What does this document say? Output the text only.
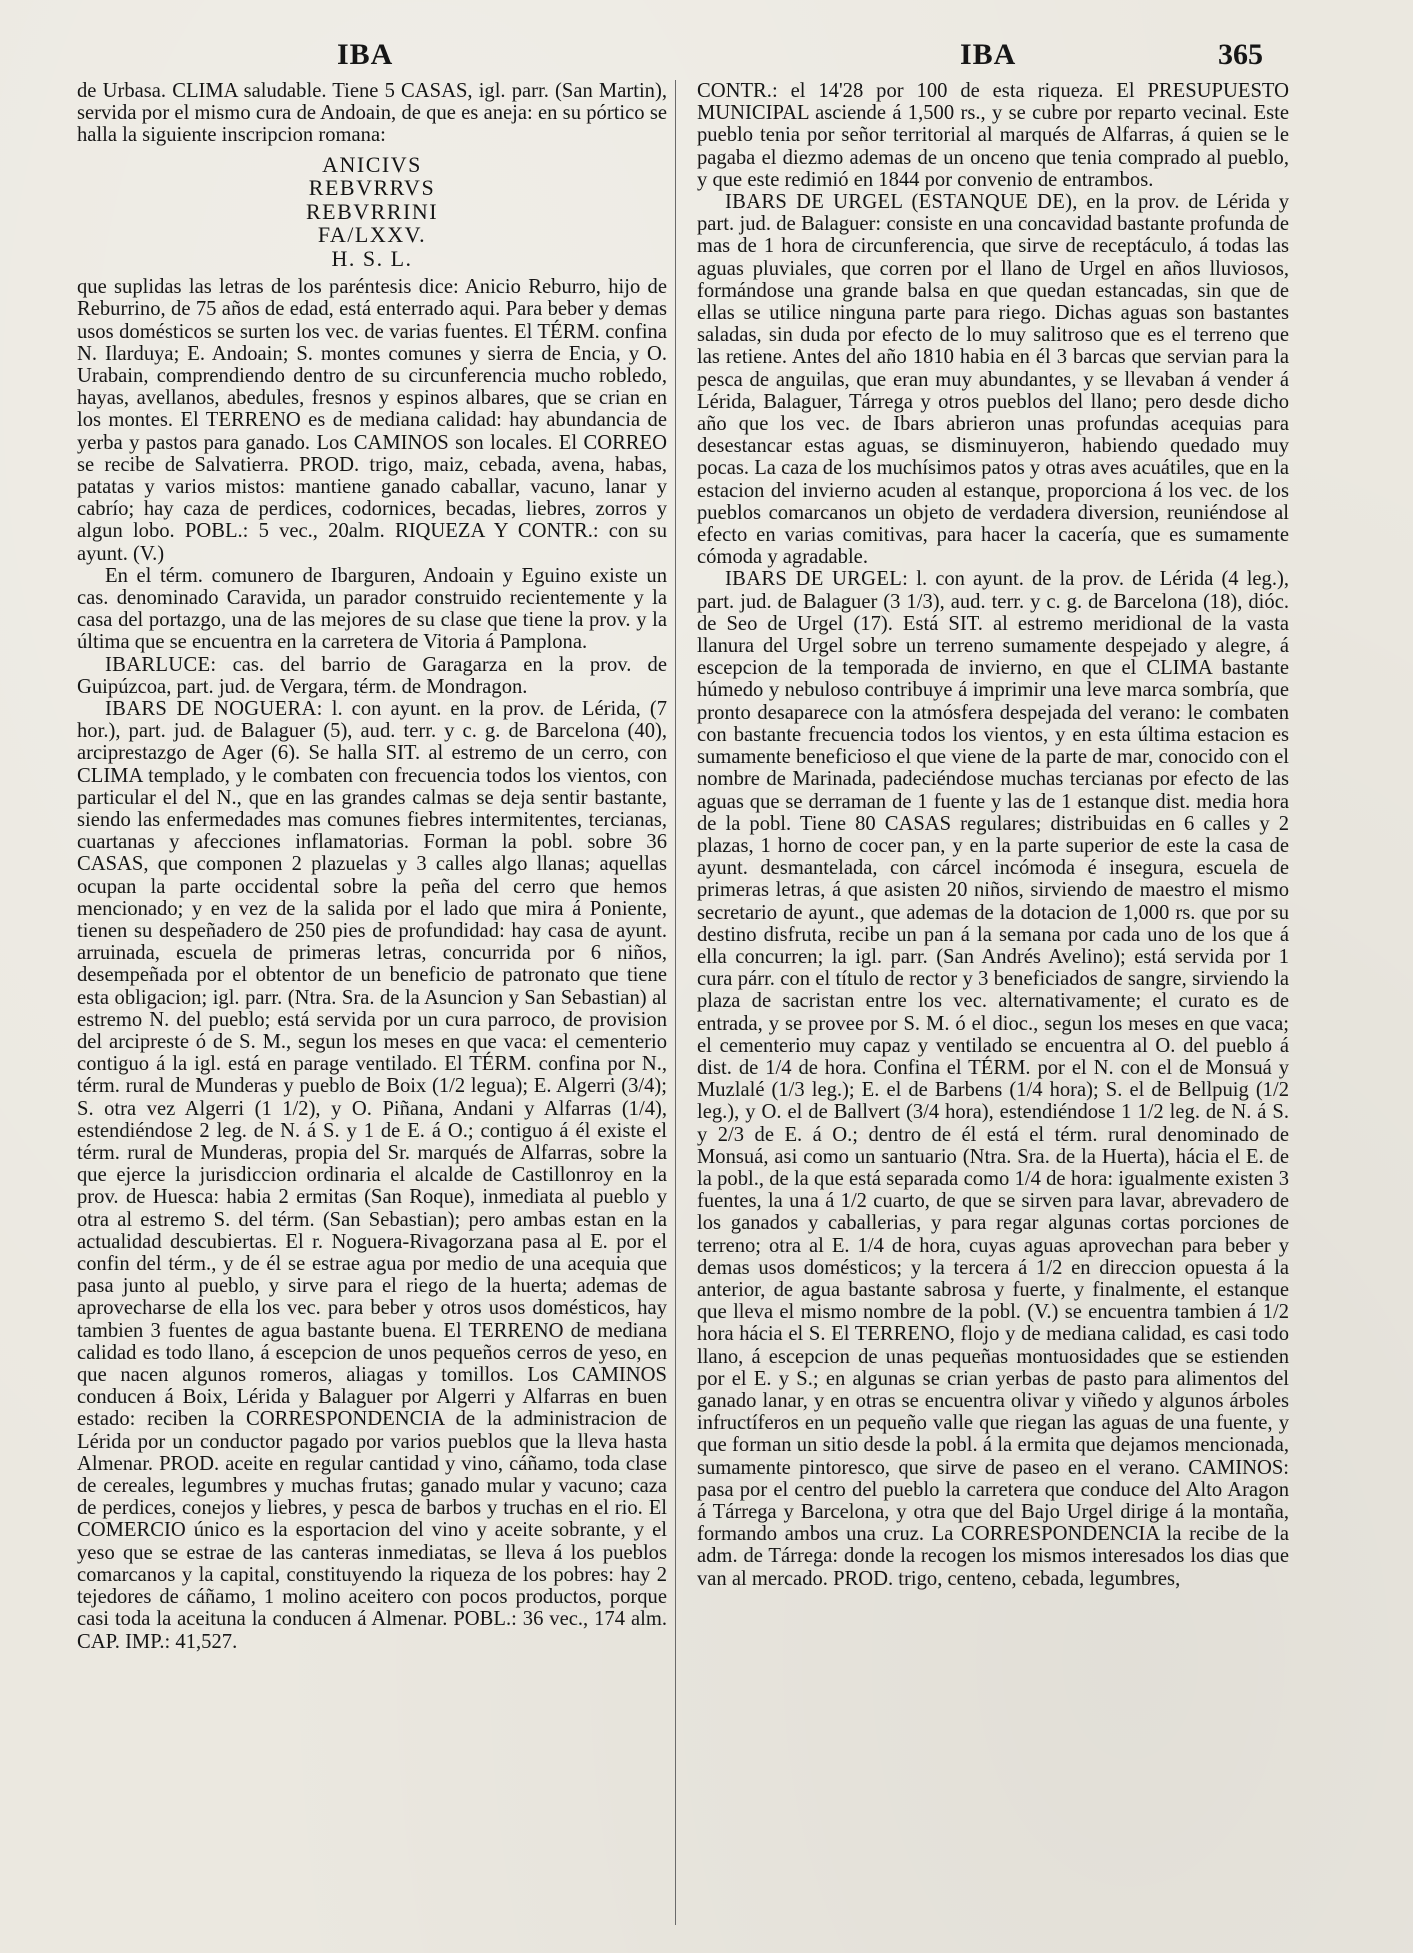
IBA	IBA	365

de Urbasa. CLIMA saludable. Tiene 5 CASAS, igl. parr. (San Martin), servida por el mismo cura de Andoain, de que es aneja: en su pórtico se halla la siguiente inscripcion romana:

ANICIVS
REBVRRVS
REBVRRINI
FA/LXXV.
H. S. L.

que suplidas las letras de los paréntesis dice: Anicio Reburro, hijo de Reburrino, de 75 años de edad, está enterrado aqui. Para beber y demas usos domésticos se surten los vec. de varias fuentes. El TÉRM. confina N. Ilarduya; E. Andoain; S. montes comunes y sierra de Encia, y O. Urabain, comprendiendo dentro de su circunferencia mucho robledo, hayas, avellanos, abedules, fresnos y espinos albares, que se crian en los montes. El TERRENO es de mediana calidad: hay abundancia de yerba y pastos para ganado. Los CAMINOS son locales. El CORREO se recibe de Salvatierra. PROD. trigo, maiz, cebada, avena, habas, patatas y varios mistos: mantiene ganado caballar, vacuno, lanar y cabrío; hay caza de perdices, codornices, becadas, liebres, zorros y algun lobo. POBL.: 5 vec., 20alm. RIQUEZA Y CONTR.: con su ayunt. (V.)

En el térm. comunero de Ibarguren, Andoain y Eguino existe un cas. denominado Caravida, un parador construido recientemente y la casa del portazgo, una de las mejores de su clase que tiene la prov. y la última que se encuentra en la carretera de Vitoria á Pamplona.

IBARLUCE: cas. del barrio de Garagarza en la prov. de Guipúzcoa, part. jud. de Vergara, térm. de Mondragon.

IBARS DE NOGUERA: l. con ayunt. en la prov. de Lérida, (7 hor.), part. jud. de Balaguer (5), aud. terr. y c. g. de Barcelona (40), arciprestazgo de Ager (6). Se halla SIT. al estremo de un cerro, con CLIMA templado, y le combaten con frecuencia todos los vientos, con particular el del N., que en las grandes calmas se deja sentir bastante, siendo las enfermedades mas comunes fiebres intermitentes, tercianas, cuartanas y afecciones inflamatorias. Forman la pobl. sobre 36 CASAS, que componen 2 plazuelas y 3 calles algo llanas; aquellas ocupan la parte occidental sobre la peña del cerro que hemos mencionado; y en vez de la salida por el lado que mira á Poniente, tienen su despeñadero de 250 pies de profundidad: hay casa de ayunt. arruinada, escuela de primeras letras, concurrida por 6 niños, desempeñada por el obtentor de un beneficio de patronato que tiene esta obligacion; igl. parr. (Ntra. Sra. de la Asuncion y San Sebastian) al estremo N. del pueblo; está servida por un cura parroco, de provision del arcipreste ó de S. M., segun los meses en que vaca: el cementerio contiguo á la igl. está en parage ventilado. El TÉRM. confina por N., térm. rural de Munderas y pueblo de Boix (1/2 legua); E. Algerri (3/4); S. otra vez Algerri (1 1/2), y O. Piñana, Andani y Alfarras (1/4), estendiéndose 2 leg. de N. á S. y 1 de E. á O.; contiguo á él existe el térm. rural de Munderas, propia del Sr. marqués de Alfarras, sobre la que ejerce la jurisdiccion ordinaria el alcalde de Castillonroy en la prov. de Huesca: habia 2 ermitas (San Roque), inmediata al pueblo y otra al estremo S. del térm. (San Sebastian); pero ambas estan en la actualidad descubiertas. El r. Noguera-Rivagorzana pasa al E. por el confin del térm., y de él se estrae agua por medio de una acequia que pasa junto al pueblo, y sirve para el riego de la huerta; ademas de aprovecharse de ella los vec. para beber y otros usos domésticos, hay tambien 3 fuentes de agua bastante buena. El TERRENO de mediana calidad es todo llano, á escepcion de unos pequeños cerros de yeso, en que nacen algunos romeros, aliagas y tomillos. Los CAMINOS conducen á Boix, Lérida y Balaguer por Algerri y Alfarras en buen estado: reciben la CORRESPONDENCIA de la administracion de Lérida por un conductor pagado por varios pueblos que la lleva hasta Almenar. PROD. aceite en regular cantidad y vino, cáñamo, toda clase de cereales, legumbres y muchas frutas; ganado mular y vacuno; caza de perdices, conejos y liebres, y pesca de barbos y truchas en el rio. El COMERCIO único es la esportacion del vino y aceite sobrante, y el yeso que se estrae de las canteras inmediatas, se lleva á los pueblos comarcanos y la capital, constituyendo la riqueza de los pobres: hay 2 tejedores de cáñamo, 1 molino aceitero con pocos productos, porque casi toda la aceituna la conducen á Almenar. POBL.: 36 vec., 174 alm. CAP. IMP.: 41,527.

CONTR.: el 14'28 por 100 de esta riqueza. El PRESUPUESTO MUNICIPAL asciende á 1,500 rs., y se cubre por reparto vecinal. Este pueblo tenia por señor territorial al marqués de Alfarras, á quien se le pagaba el diezmo ademas de un onceno que tenia comprado al pueblo, y que este redimió en 1844 por convenio de entrambos.

IBARS DE URGEL (ESTANQUE DE), en la prov. de Lérida y part. jud. de Balaguer: consiste en una concavidad bastante profunda de mas de 1 hora de circunferencia, que sirve de receptáculo, á todas las aguas pluviales, que corren por el llano de Urgel en años lluviosos, formándose una grande balsa en que quedan estancadas, sin que de ellas se utilice ninguna parte para riego. Dichas aguas son bastantes saladas, sin duda por efecto de lo muy salitroso que es el terreno que las retiene. Antes del año 1810 habia en él 3 barcas que servian para la pesca de anguilas, que eran muy abundantes, y se llevaban á vender á Lérida, Balaguer, Tárrega y otros pueblos del llano; pero desde dicho año que los vec. de Ibars abrieron unas profundas acequias para desestancar estas aguas, se disminuyeron, habiendo quedado muy pocas. La caza de los muchísimos patos y otras aves acuátiles, que en la estacion del invierno acuden al estanque, proporciona á los vec. de los pueblos comarcanos un objeto de verdadera diversion, reuniéndose al efecto en varias comitivas, para hacer la cacería, que es sumamente cómoda y agradable.

IBARS DE URGEL: l. con ayunt. de la prov. de Lérida (4 leg.), part. jud. de Balaguer (3 1/3), aud. terr. y c. g. de Barcelona (18), dióc. de Seo de Urgel (17). Está SIT. al estremo meridional de la vasta llanura del Urgel sobre un terreno sumamente despejado y alegre, á escepcion de la temporada de invierno, en que el CLIMA bastante húmedo y nebuloso contribuye á imprimir una leve marca sombría, que pronto desaparece con la atmósfera despejada del verano: le combaten con bastante frecuencia todos los vientos, y en esta última estacion es sumamente beneficioso el que viene de la parte de mar, conocido con el nombre de Marinada, padeciéndose muchas tercianas por efecto de las aguas que se derraman de 1 fuente y las de 1 estanque dist. media hora de la pobl. Tiene 80 CASAS regulares; distribuidas en 6 calles y 2 plazas, 1 horno de cocer pan, y en la parte superior de este la casa de ayunt. desmantelada, con cárcel incómoda é insegura, escuela de primeras letras, á que asisten 20 niños, sirviendo de maestro el mismo secretario de ayunt., que ademas de la dotacion de 1,000 rs. que por su destino disfruta, recibe un pan á la semana por cada uno de los que á ella concurren; la igl. parr. (San Andrés Avelino); está servida por 1 cura párr. con el título de rector y 3 beneficiados de sangre, sirviendo la plaza de sacristan entre los vec. alternativamente; el curato es de entrada, y se provee por S. M. ó el dioc., segun los meses en que vaca; el cementerio muy capaz y ventilado se encuentra al O. del pueblo á dist. de 1/4 de hora. Confina el TÉRM. por el N. con el de Monsuá y Muzlalé (1/3 leg.); E. el de Barbens (1/4 hora); S. el de Bellpuig (1/2 leg.), y O. el de Ballvert (3/4 hora), estendiéndose 1 1/2 leg. de N. á S. y 2/3 de E. á O.; dentro de él está el térm. rural denominado de Monsuá, asi como un santuario (Ntra. Sra. de la Huerta), hácia el E. de la pobl., de la que está separada como 1/4 de hora: igualmente existen 3 fuentes, la una á 1/2 cuarto, de que se sirven para lavar, abrevadero de los ganados y caballerias, y para regar algunas cortas porciones de terreno; otra al E. 1/4 de hora, cuyas aguas aprovechan para beber y demas usos domésticos; y la tercera á 1/2 en direccion opuesta á la anterior, de agua bastante sabrosa y fuerte, y finalmente, el estanque que lleva el mismo nombre de la pobl. (V.) se encuentra tambien á 1/2 hora hácia el S. El TERRENO, flojo y de mediana calidad, es casi todo llano, á escepcion de unas pequeñas montuosidades que se estienden por el E. y S.; en algunas se crian yerbas de pasto para alimentos del ganado lanar, y en otras se encuentra olivar y viñedo y algunos árboles infructíferos en un pequeño valle que riegan las aguas de una fuente, y que forman un sitio desde la pobl. á la ermita que dejamos mencionada, sumamente pintoresco, que sirve de paseo en el verano. CAMINOS: pasa por el centro del pueblo la carretera que conduce del Alto Aragon á Tárrega y Barcelona, y otra que del Bajo Urgel dirige á la montaña, formando ambos una cruz. La CORRESPONDENCIA la recibe de la adm. de Tárrega: donde la recogen los mismos interesados los dias que van al mercado. PROD. trigo, centeno, cebada, legumbres,
